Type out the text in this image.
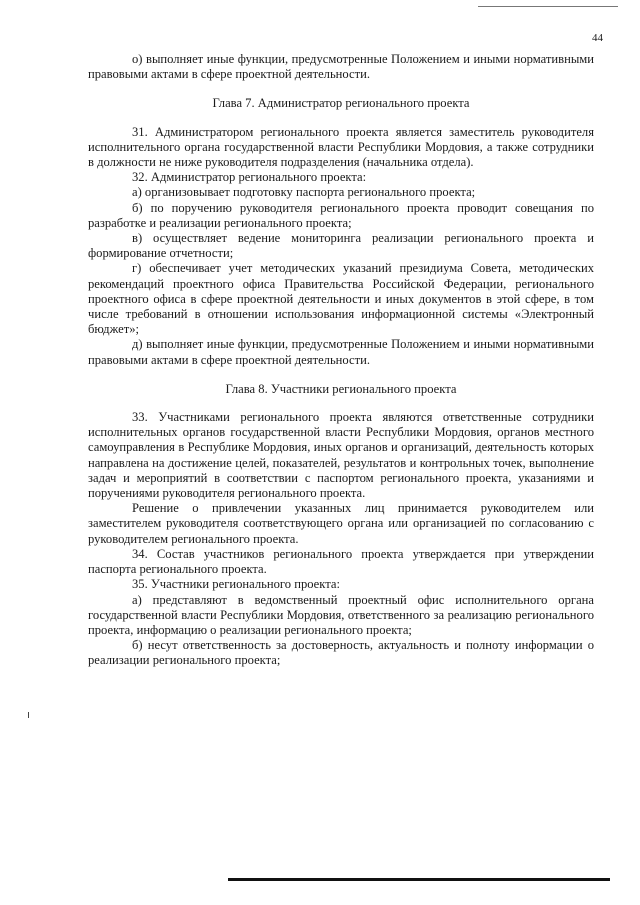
44

о) выполняет иные функции, предусмотренные Положением и иными нормативными правовыми актами в сфере проектной деятельности.

Глава 7. Администратор регионального проекта

31. Администратором регионального проекта является заместитель руководителя исполнительного органа государственной власти Республики Мордовия, а также сотрудники в должности не ниже руководителя подразделения (начальника отдела).

32. Администратор регионального проекта:

а) организовывает подготовку паспорта регионального проекта;

б) по поручению руководителя регионального проекта проводит совещания по разработке и реализации регионального проекта;

в) осуществляет ведение мониторинга реализации регионального проекта и формирование отчетности;

г) обеспечивает учет методических указаний президиума Совета, методических рекомендаций проектного офиса Правительства Российской Федерации, регионального проектного офиса в сфере проектной деятельности и иных документов в этой сфере, в том числе требований в отношении использования информационной системы «Электронный бюджет»;

д) выполняет иные функции, предусмотренные Положением и иными нормативными правовыми актами в сфере проектной деятельности.

Глава 8. Участники регионального проекта

33. Участниками регионального проекта являются ответственные сотрудники исполнительных органов государственной власти Республики Мордовия, органов местного самоуправления в Республике Мордовия, иных органов и организаций, деятельность которых направлена на достижение целей, показателей, результатов и контрольных точек, выполнение задач и мероприятий в соответствии с паспортом регионального проекта, указаниями и поручениями руководителя регионального проекта.

Решение о привлечении указанных лиц принимается руководителем или заместителем руководителя соответствующего органа или организацией по согласованию с руководителем регионального проекта.

34. Состав участников регионального проекта утверждается при утверждении паспорта регионального проекта.

35. Участники регионального проекта:

а) представляют в ведомственный проектный офис исполнительного органа государственной власти Республики Мордовия, ответственного за реализацию регионального проекта, информацию о реализации регионального проекта;

б) несут ответственность за достоверность, актуальность и полноту информации о реализации регионального проекта;
